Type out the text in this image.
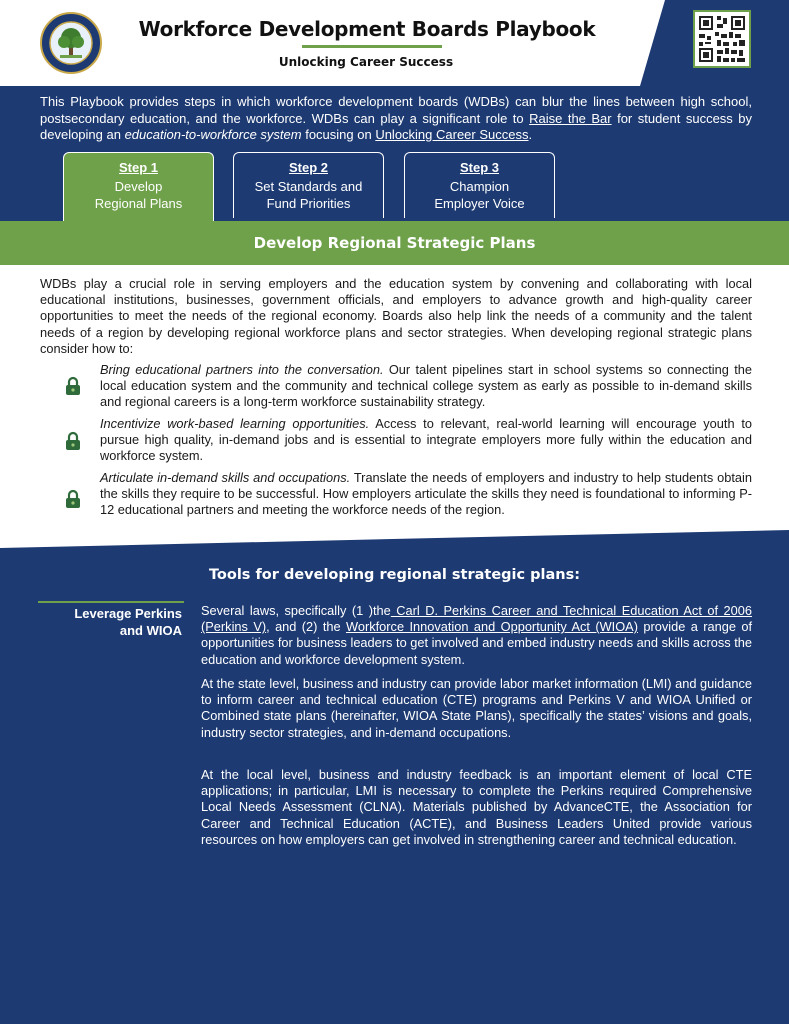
Workforce Development Boards Playbook
Unlocking Career Success

This Playbook provides steps in which workforce development boards (WDBs) can blur the lines between high school, postsecondary education, and the workforce. WDBs can play a significant role to Raise the Bar for student success by developing an education-to-workforce system focusing on Unlocking Career Success.

Step 1
Develop
Regional Plans
Step 2
Set Standards and
Fund Priorities
Step 3
Champion
Employer Voice
Develop Regional Strategic Plans

WDBs play a crucial role in serving employers and the education system by convening and collaborating with local educational institutions, businesses, government officials, and employers to advance growth and high-quality career opportunities to meet the needs of the regional economy. Boards also help link the needs of a community and the talent needs of a region by developing regional workforce plans and sector strategies. When developing regional strategic plans consider how to:

Bring educational partners into the conversation. Our talent pipelines start in school systems so connecting the local education system and the community and technical college system as early as possible to in-demand skills and regional careers is a long-term workforce sustainability strategy.

Incentivize work-based learning opportunities. Access to relevant, real-world learning will encourage youth to pursue high quality, in-demand jobs and is essential to integrate employers more fully within the education and workforce system.

Articulate in-demand skills and occupations. Translate the needs of employers and industry to help students obtain the skills they require to be successful. How employers articulate the skills they need is foundational to informing P-12 educational partners and meeting the workforce needs of the region.

Tools for developing regional strategic plans:
Leverage Perkins
and WIOA

Several laws, specifically (1 )the Carl D. Perkins Career and Technical Education Act of 2006 (Perkins V), and (2) the Workforce Innovation and Opportunity Act (WIOA) provide a range of opportunities for business leaders to get involved and embed industry needs and skills across the education and workforce development system.

At the state level, business and industry can provide labor market information (LMI) and guidance to inform career and technical education (CTE) programs and Perkins V and WIOA Unified or Combined state plans (hereinafter, WIOA State Plans), specifically the states’ visions and goals, industry sector strategies, and in-demand occupations.

At the local level, business and industry feedback is an important element of local CTE applications; in particular, LMI is necessary to complete the Perkins required Comprehensive Local Needs Assessment (CLNA). Materials published by AdvanceCTE, the Association for Career and Technical Education (ACTE), and Business Leaders United provide various resources on how employers can get involved in strengthening career and technical education.
